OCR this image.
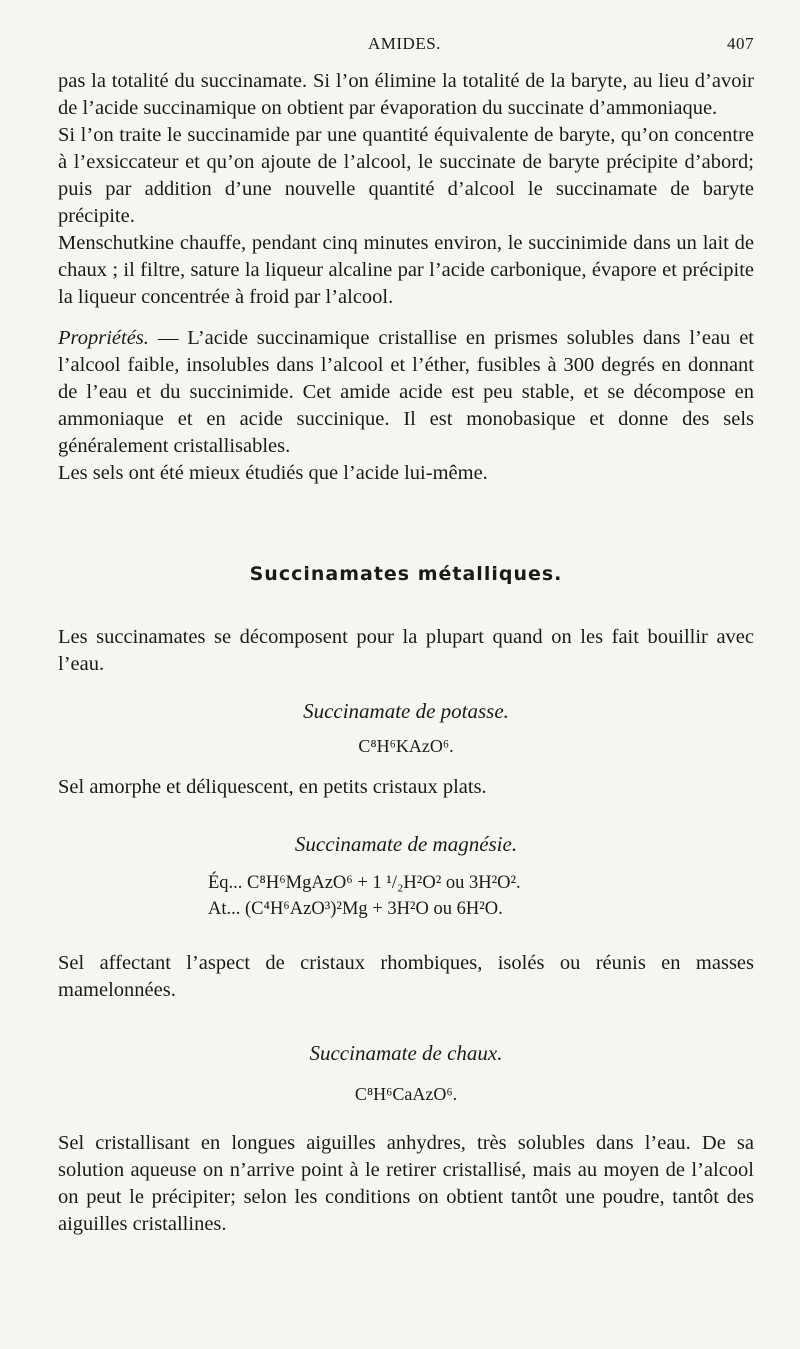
AMIDES.	407

pas la totalité du succinamate. Si l’on élimine la totalité de la baryte, au lieu d’avoir de l’acide succinamique on obtient par évaporation du succinate d’ammoniaque.

Si l’on traite le succinamide par une quantité équivalente de baryte, qu’on concentre à l’exsiccateur et qu’on ajoute de l’alcool, le succinate de baryte précipite d’abord; puis par addition d’une nouvelle quantité d’alcool le succinamate de baryte précipite.

Menschutkine chauffe, pendant cinq minutes environ, le succinimide dans un lait de chaux ; il filtre, sature la liqueur alcaline par l’acide carbonique, évapore et précipite la liqueur concentrée à froid par l’alcool.

Propriétés. — L’acide succinamique cristallise en prismes solubles dans l’eau et l’alcool faible, insolubles dans l’alcool et l’éther, fusibles à 300 degrés en donnant de l’eau et du succinimide. Cet amide acide est peu stable, et se décompose en ammoniaque et en acide succinique. Il est monobasique et donne des sels généralement cristallisables.

Les sels ont été mieux étudiés que l’acide lui-même.

Succinamates métalliques.

Les succinamates se décomposent pour la plupart quand on les fait bouillir avec l’eau.

Succinamate de potasse.
C⁸H⁶KAzO⁶.

Sel amorphe et déliquescent, en petits cristaux plats.

Succinamate de magnésie.
Éq... C⁸H⁶MgAzO⁶ + 1 ¹/₂H²O² ou 3H²O².
At... (C⁴H⁶AzO³)²Mg + 3H²O ou 6H²O.

Sel affectant l’aspect de cristaux rhombiques, isolés ou réunis en masses mamelonnées.

Succinamate de chaux.
C⁸H⁶CaAzO⁶.

Sel cristallisant en longues aiguilles anhydres, très solubles dans l’eau. De sa solution aqueuse on n’arrive point à le retirer cristallisé, mais au moyen de l’alcool on peut le précipiter; selon les conditions on obtient tantôt une poudre, tantôt des aiguilles cristallines.
